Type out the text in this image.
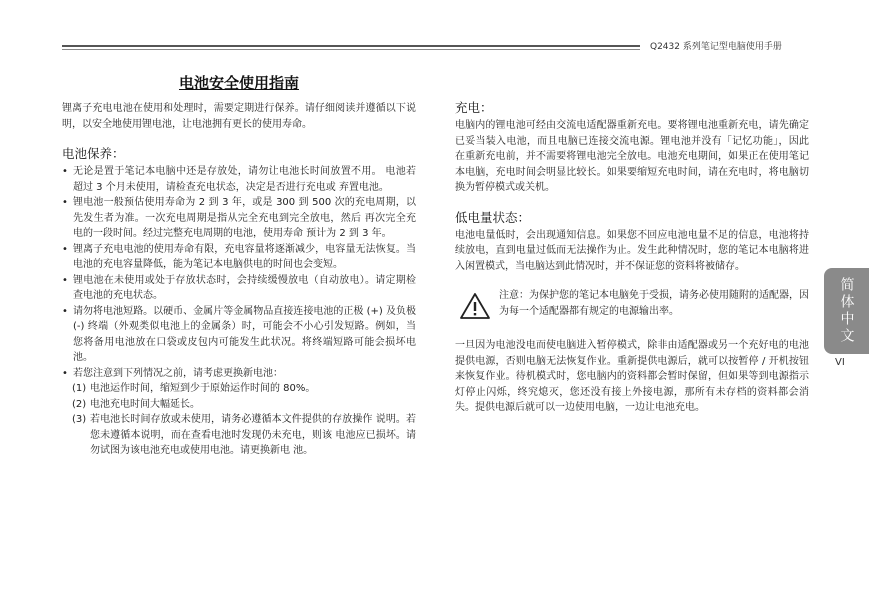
Q2432 系列笔记型电脑使用手册
电池安全使用指南

锂离子充电电池在使用和处理时，需要定期进行保养。请仔细阅读并遵循以下说明，以安全地使用锂电池，让电池拥有更长的使用寿命。

电池保养：
• 无论是置于笔记本电脑中还是存放处，请勿让电池长时间放置不用。 电池若超过 3 个月未使用，请检查充电状态，决定是否进行充电或 弃置电池。
• 锂电池一般预估使用寿命为 2 到 3 年，或是 300 到 500 次的充电周期，以先发生者为准。一次充电周期是指从完全充电到完全放电，然后 再次完全充电的一段时间。经过完整充电周期的电池，使用寿命 预计为 2 到 3 年。
• 锂离子充电电池的使用寿命有限，充电容量将逐渐减少，电容量无法恢复。当电池的充电容量降低，能为笔记本电脑供电的时间也会变短。
• 锂电池在未使用或处于存放状态时，会持续缓慢放电（自动放电）。请定期检查电池的充电状态。
• 请勿将电池短路。以硬币、金属片等金属物品直接连接电池的正极 (+) 及负极 (-) 终端（外观类似电池上的金属条）时，可能会不小心引发短路。例如，当您将备用电池放在口袋或皮包内可能发生此状况。将终端短路可能会损坏电池。
• 若您注意到下列情况之前，请考虑更换新电池：
(1) 电池运作时间，缩短到少于原始运作时间的 80%。
(2) 电池充电时间大幅延长。
(3) 若电池长时间存放或未使用，请务必遵循本文件提供的存放操作 说明。若您未遵循本说明，而在查看电池时发现仍未充电，则该 电池应已损坏。请勿试图为该电池充电或使用电池。请更换新电 池。
充电：

电脑内的锂电池可经由交流电适配器重新充电。要将锂电池重新充电，请先确定已妥当装入电池，而且电脑已连接交流电源。锂电池并没有「记忆功能」，因此在重新充电前，并不需要将锂电池完全放电。电池充电期间，如果正在使用笔记本电脑，充电时间会明显比较长。如果要缩短充电时间，请在充电时，将电脑切换为暂停模式或关机。

低电量状态：

电池电量低时，会出现通知信息。如果您不回应电池电量不足的信息，电池将持续放电，直到电量过低而无法操作为止。发生此种情况时，您的笔记本电脑将进入闲置模式，当电脑达到此情况时，并不保证您的资料将被储存。

注意：为保护您的笔记本电脑免于受损，请务必使用随附的适配器，因为每一个适配器都有规定的电源输出率。

一旦因为电池没电而使电脑进入暂停模式，除非由适配器或另一个充好电的电池提供电源，否则电脑无法恢复作业。重新提供电源后，就可以按暂停 / 开机按钮来恢复作业。待机模式时，您电脑内的资料都会暂时保留，但如果等到电源指示灯停止闪烁，终究熄灭，您还没有接上外接电源，那所有未存档的资料都会消失。提供电源后就可以一边使用电脑，一边让电池充电。

简体中文
VI
